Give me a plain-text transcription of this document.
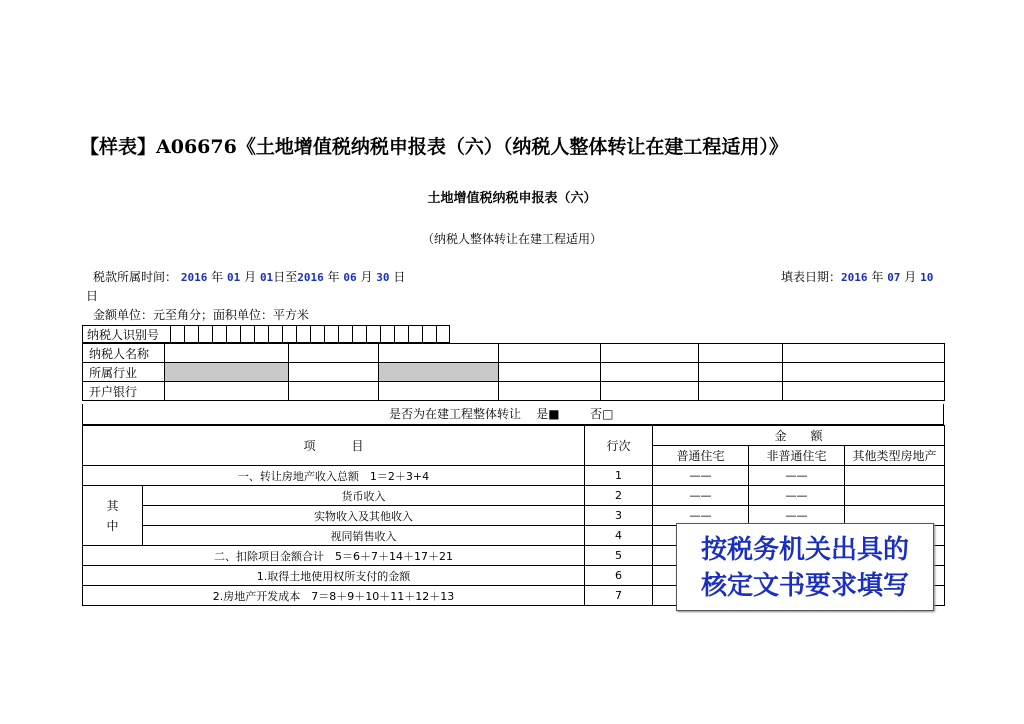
【样表】A06676《土地增值税纳税申报表（六）（纳税人整体转让在建工程适用）》
土地增值税纳税申报表（六）
（纳税人整体转让在建工程适用）
税款所属时间： 2016 年 01 月 01日至2016 年 06 月 30 日
日
填表日期：2016 年 07 月 10
金额单位：元至角分；面积单位：平方米
纳税人识别号
纳税人名称							
所属行业							
开户银行							
是否为在建工程整体转让 是■	否□
项　　　目		行次	金　　额		
			普通住宅	非普通住宅	其他类型房地产
一、转让房地产收入总额　1＝2＋3+4		1	——	——	

其
中	货币收入	2	——	——	
	实物收入及其他收入	3	——	——	
	视同销售收入	4			
二、扣除项目金额合计　5＝6＋7＋14＋17＋21		5			
1.取得土地使用权所支付的金额		6			
2.房地产开发成本　7＝8＋9＋10＋11＋12＋13		7			
按税务机关出具的
核定文书要求填写
